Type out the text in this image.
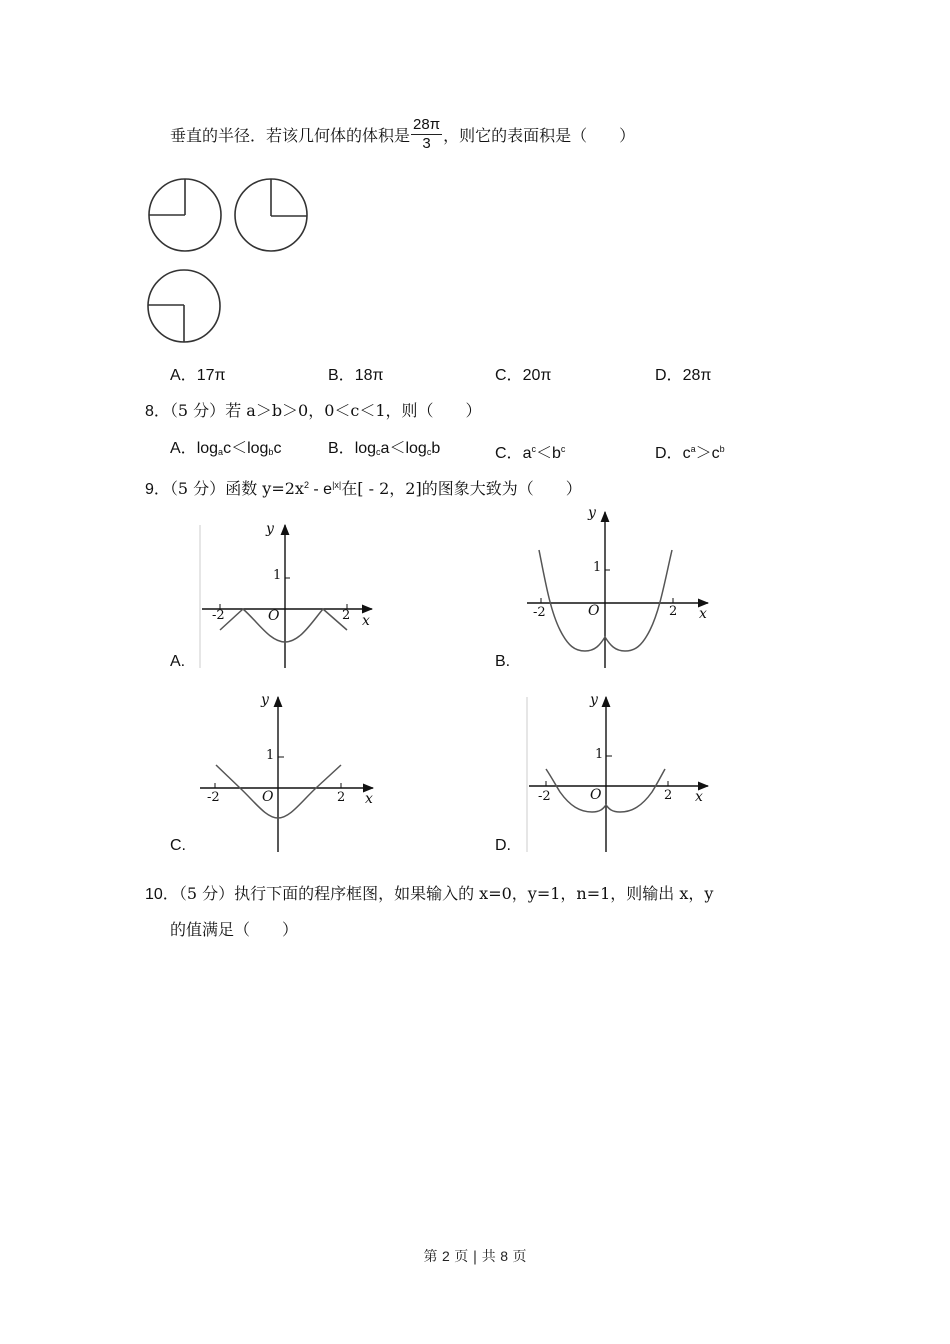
垂直的半径．若该几何体的体积是 $\frac{28\pi}{3}$ ，则它的表面积是（　　）
A．17π	B．18π	C．20π	D．28π
8．（5 分）若 a＞b＞0，0＜c＜1，则（　　）
A．$\log_ac<\log_bc$	B．$\log_ca<\log_cb$	C．$a^c<b^c$	D．$c^a>c^b$
9．（5 分）函数 $y=2x^2 - e^{|x|}$在[ - 2，2]的图象大致为（　　）
y
x
O
1
-2	2
A.
y
x
O
1
-2	2
B.
y
x
O
1
-2	2
C.
y
x
O
1
-2	2
D.
10．（5 分）执行下面的程序框图，如果输入的 x=0，y=1，n=1，则输出 x，y
的值满足（　　）
第 2 页 | 共 8 页
